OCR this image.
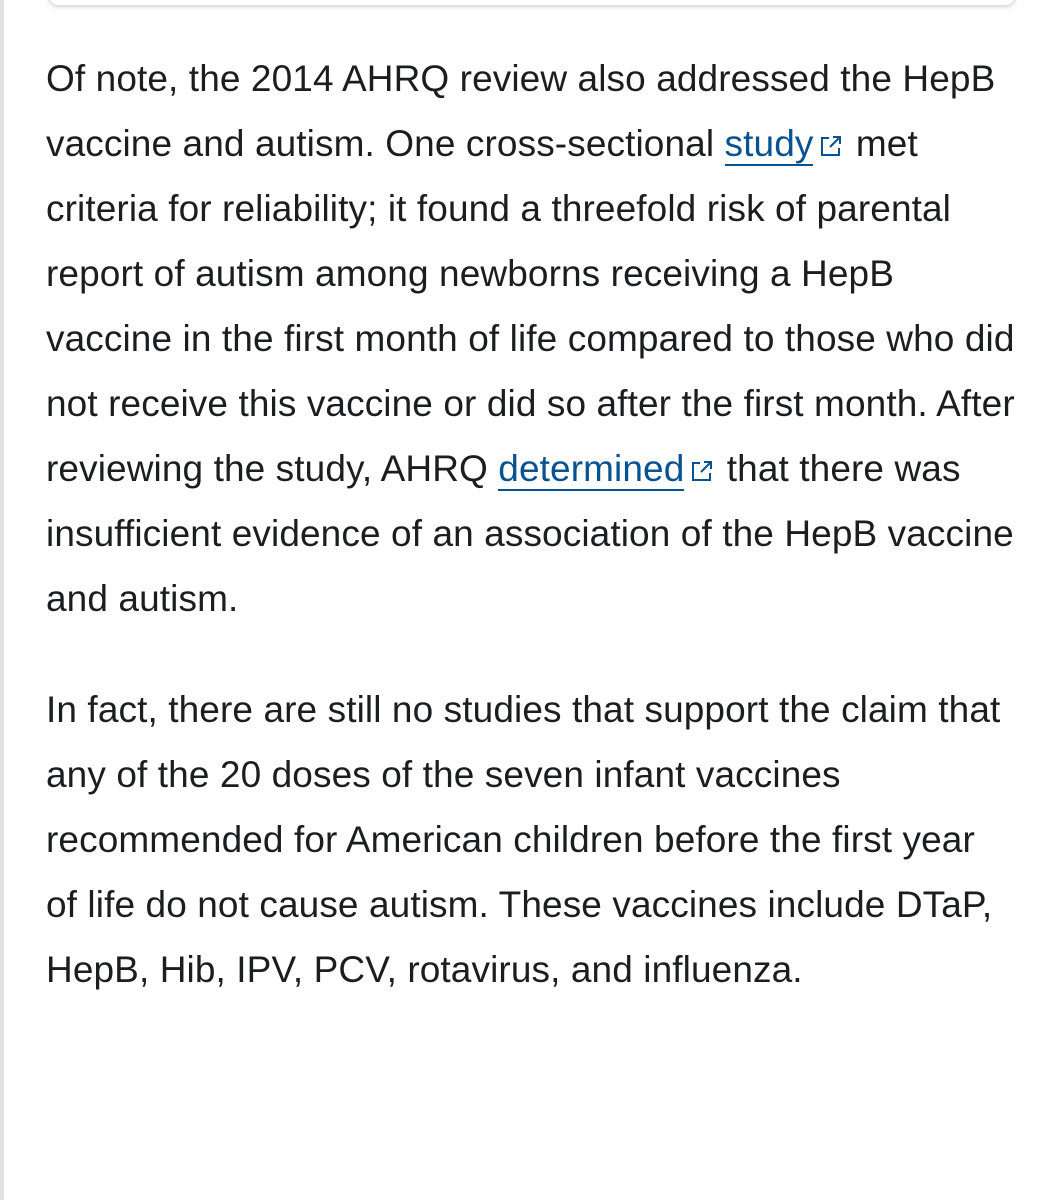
Of note, the 2014 AHRQ review also addressed the HepB vaccine and autism. One cross-sectional study
met criteria for reliability; it found a threefold risk of parental report of autism among newborns receiving a HepB vaccine in the first month of life compared to those who did not receive this vaccine or did so after the first month. After reviewing the study, AHRQ determined
that there was insufficient evidence of an association of the HepB vaccine and autism.

In fact, there are still no studies that support the claim that any of the 20 doses of the seven infant vaccines recommended for American children before the first year of life do not cause autism. These vaccines include DTaP, HepB, Hib, IPV, PCV, rotavirus, and influenza.
